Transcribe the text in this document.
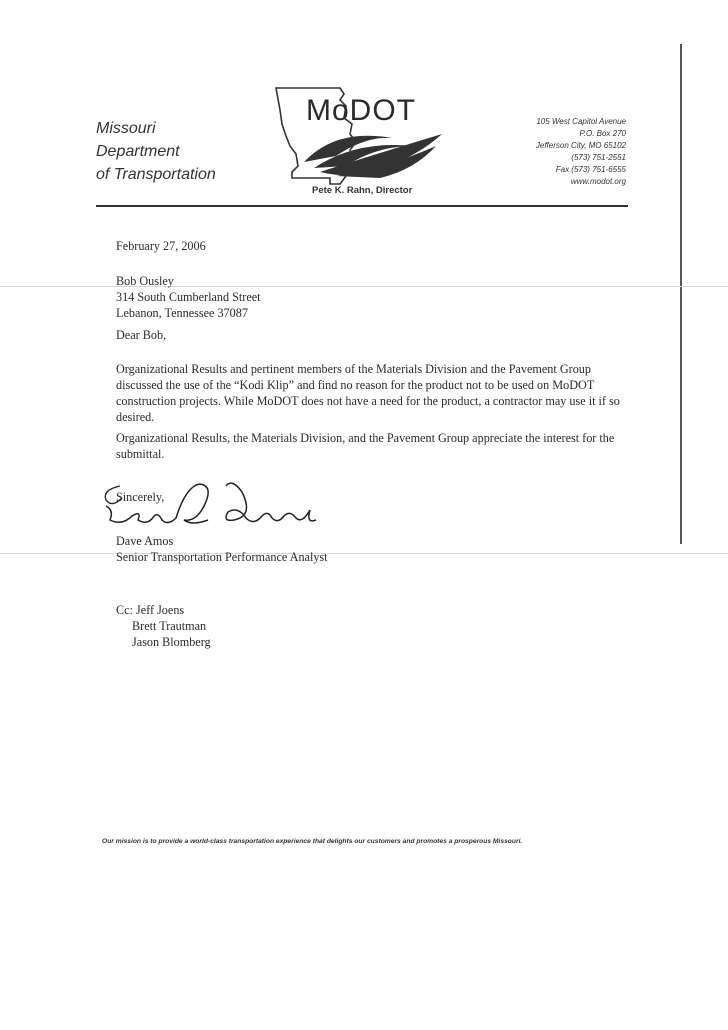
Missouri
Department
of Transportation
MoDOT
Pete K. Rahn, Director
105 West Capitol Avenue
P.O. Box 270
Jefferson City, MO 65102
(573) 751-2551
Fax (573) 751-6555
www.modot.org
February 27, 2006
Bob Ousley
314 South Cumberland Street
Lebanon, Tennessee 37087
Dear Bob,
Organizational Results and pertinent members of the Materials Division and the Pavement Group discussed the use of the “Kodi Klip” and find no reason for the product not to be used on MoDOT construction projects. While MoDOT does not have a need for the product, a contractor may use it if so desired.
Organizational Results, the Materials Division, and the Pavement Group appreciate the interest for the submittal.
Sincerely,
Dave Amos
Senior Transportation Performance Analyst
Cc: Jeff Joens
Brett Trautman
Jason Blomberg
Our mission is to provide a world-class transportation experience that delights our customers and promotes a prosperous Missouri.
